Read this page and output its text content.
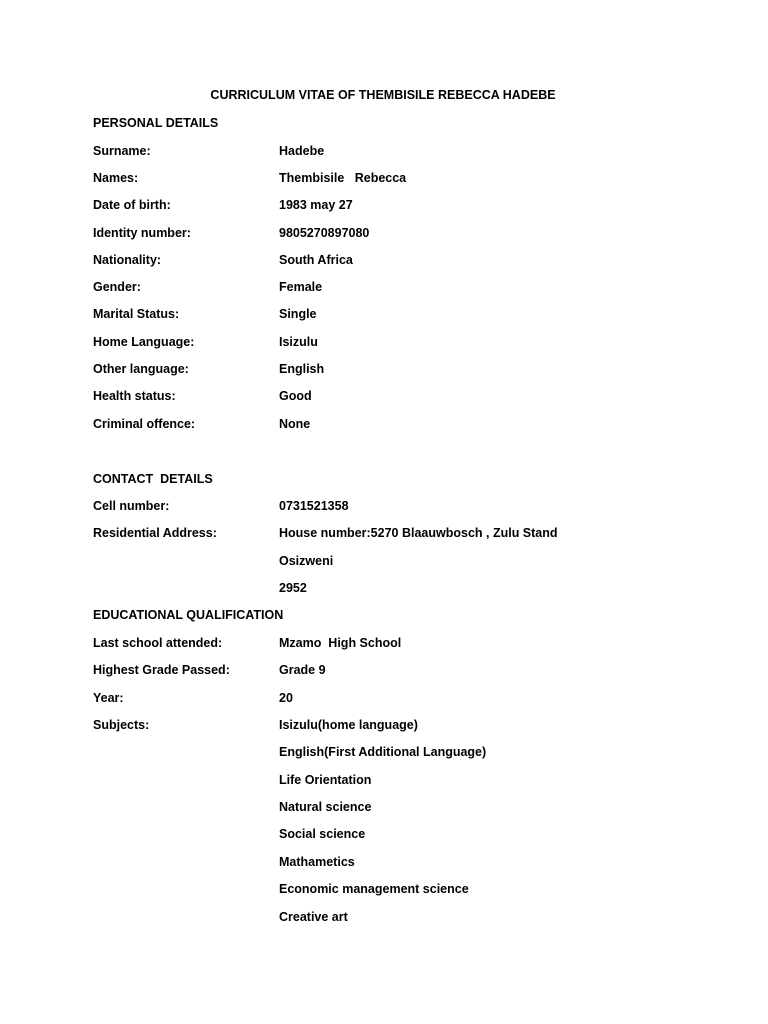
CURRICULUM VITAE OF THEMBISILE REBECCA HADEBE
PERSONAL DETAILS
Surname:	Hadebe
Names:	Thembisile   Rebecca
Date of birth:	1983 may 27
Identity number:	9805270897080
Nationality:	South Africa
Gender:	Female
Marital Status:	Single
Home Language:	Isizulu
Other language:	English
Health status:	Good
Criminal offence:	None
CONTACT  DETAILS
Cell number:	0731521358
Residential Address:	House number:5270 Blaauwbosch , Zulu Stand
Osizweni
2952
EDUCATIONAL QUALIFICATION
Last school attended:	Mzamo  High School
Highest Grade Passed:	Grade 9
Year:	20
Subjects:	Isizulu(home language)
English(First Additional Language)
Life Orientation
Natural science
Social science
Mathametics
Economic management science
Creative art
